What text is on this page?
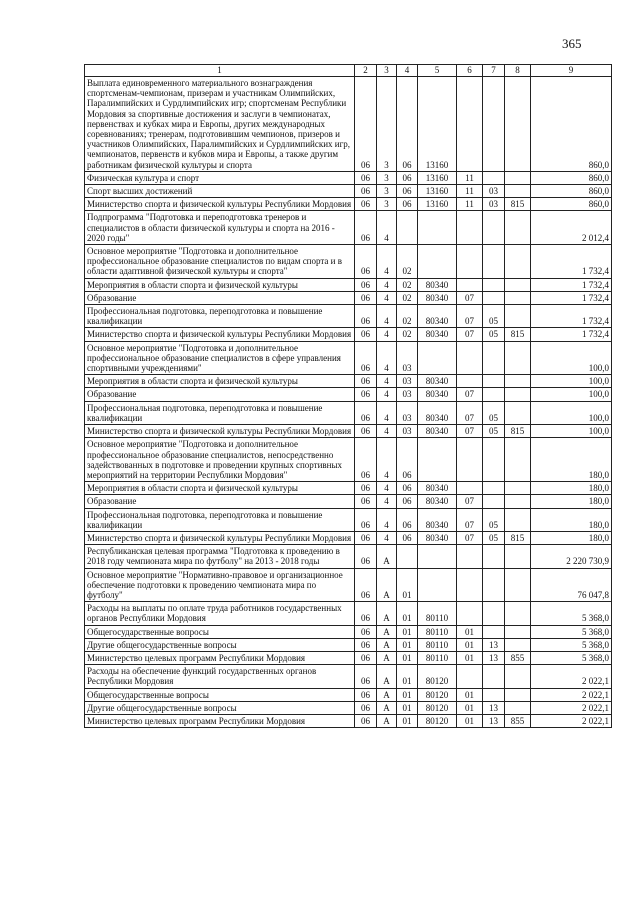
365
1	2	3	4	5	6	7	8	9
Выплата единовременного материального вознаграждения спортсменам-чемпионам, призерам и участникам Олимпийских, Паралимпийских и Сурдлимпийских игр; спортсменам Республики Мордовия за спортивные достижения и заслуги в чемпионатах, первенствах и кубках мира и Европы, других международных соревнованиях; тренерам, подготовившим чемпионов, призеров и участников Олимпийских, Паралимпийских и Сурдлимпийских игр, чемпионатов, первенств и кубков мира и Европы, а также другим работникам физической культуры и спорта	06	3	06	13160				860,0
Физическая культура и спорт	06	3	06	13160	11			860,0
Спорт высших достижений	06	3	06	13160	11	03		860,0
Министерство спорта и физической культуры Республики Мордовия	06	3	06	13160	11	03	815	860,0
Подпрограмма "Подготовка и переподготовка тренеров и специалистов в области физической культуры и спорта на 2016 - 2020 годы"	06	4						2 012,4
Основное мероприятие "Подготовка и дополнительное профессиональное образование специалистов по видам спорта и в области адаптивной физической культуры и спорта"	06	4	02					1 732,4
Мероприятия в области спорта и физической культуры	06	4	02	80340				1 732,4
Образование	06	4	02	80340	07			1 732,4
Профессиональная подготовка, переподготовка и повышение квалификации	06	4	02	80340	07	05		1 732,4
Министерство спорта и физической культуры Республики Мордовия	06	4	02	80340	07	05	815	1 732,4
Основное мероприятие "Подготовка и дополнительное профессиональное образование специалистов в сфере управления спортивными учреждениями"	06	4	03					100,0
Мероприятия в области спорта и физической культуры	06	4	03	80340				100,0
Образование	06	4	03	80340	07			100,0
Профессиональная подготовка, переподготовка и повышение квалификации	06	4	03	80340	07	05		100,0
Министерство спорта и физической культуры Республики Мордовия	06	4	03	80340	07	05	815	100,0
Основное мероприятие "Подготовка и дополнительное профессиональное образование специалистов, непосредственно задействованных в подготовке и проведении крупных спортивных мероприятий на территории Республики Мордовия"	06	4	06					180,0
Мероприятия в области спорта и физической культуры	06	4	06	80340				180,0
Образование	06	4	06	80340	07			180,0
Профессиональная подготовка, переподготовка и повышение квалификации	06	4	06	80340	07	05		180,0
Министерство спорта и физической культуры Республики Мордовия	06	4	06	80340	07	05	815	180,0
Республиканская целевая программа "Подготовка к проведению в 2018 году чемпионата мира по футболу" на 2013 - 2018 годы	06	А						2 220 730,9
Основное мероприятие "Нормативно-правовое и организационное обеспечение подготовки к проведению чемпионата мира по футболу"	06	А	01					76 047,8
Расходы на выплаты по оплате труда работников государственных органов Республики Мордовия	06	А	01	80110				5 368,0
Общегосударственные вопросы	06	А	01	80110	01			5 368,0
Другие общегосударственные вопросы	06	А	01	80110	01	13		5 368,0
Министерство целевых программ Республики Мордовия	06	А	01	80110	01	13	855	5 368,0
Расходы на обеспечение функций государственных органов Республики Мордовия	06	А	01	80120				2 022,1
Общегосударственные вопросы	06	А	01	80120	01			2 022,1
Другие общегосударственные вопросы	06	А	01	80120	01	13		2 022,1
Министерство целевых программ Республики Мордовия	06	А	01	80120	01	13	855	2 022,1
